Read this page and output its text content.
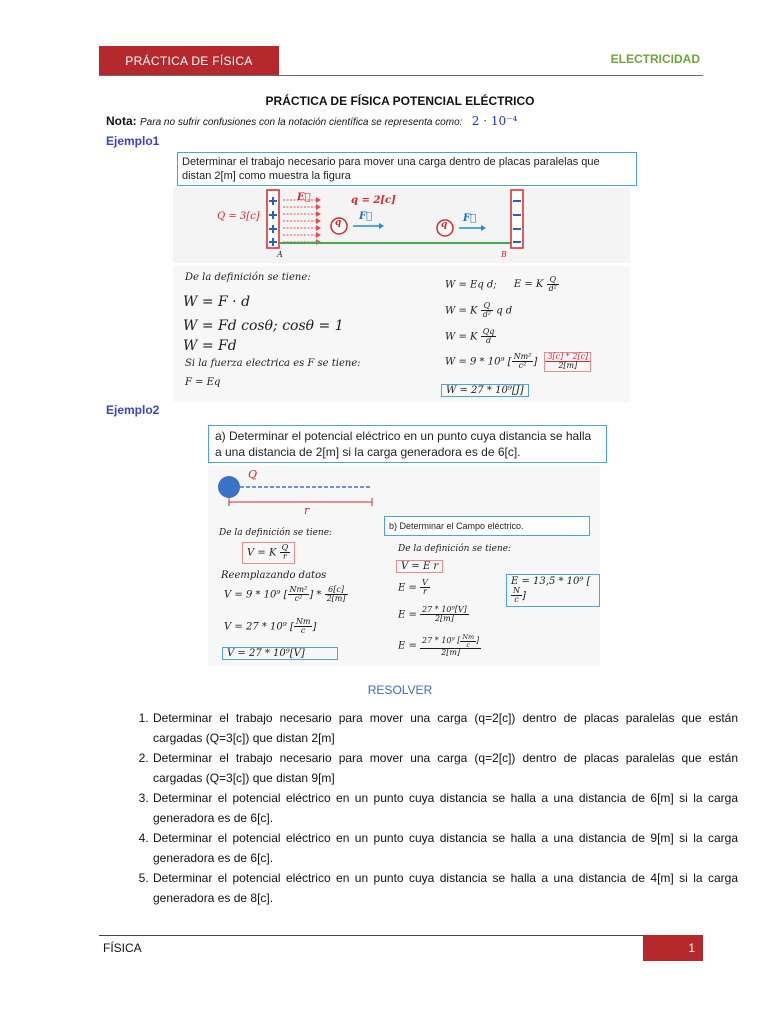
PRÁCTICA DE FÍSICA	ELECTRICIDAD
PRÁCTICA DE FÍSICA POTENCIAL ELÉCTRICO
Nota: Para no sufrir confusiones con la notación científica se representa como: 2 · 10⁻⁴
Ejemplo1
Determinar el trabajo necesario para mover una carga dentro de placas paralelas que distan 2[m] como muestra la figura
Q = 3[c]
E⃗	q = 2[c]
q	q
F⃗	F⃗
A	B
De la definición se tiene:
W = F · d
W = Fd cosθ; cosθ = 1
W = Fd
Si la fuerza electrica es F se tiene:
F = Eq
W = Eq d; E = K $\frac{Q}{\text{d²}}$
W = K $\frac{Q}{\text{d²}}$ q d
W = K $\frac{Qq}{d}$
W = 9 * 10⁹ [ $\frac{\text{Nm²}}{\text{c²}}$ ] $\frac{3[c] * 2[c]}{2[m]}$
W = 27 * 10⁹[J]
Ejemplo2
a) Determinar el potencial eléctrico en un punto cuya distancia se halla a una distancia de 2[m] si la carga generadora es de 6[c].
Q
r
b) Determinar el Campo eléctrico.
De la definición se tiene:
V = K $\frac{Q}{r}$
Reemplazando datos
V = 9 * 10⁹ [ $\frac{\text{Nm²}}{\text{c²}}$ ] * $\frac{6[c]}{2[m]}$
V = 27 * 10⁹ [ $\frac{Nm}{c}$ ]
V = 27 * 10⁹[V]
De la definición se tiene:
V = E r
$E = \frac{V}{r}$
$E = \frac{\text{27 * 10⁹[V]}}{2[m]}$
$E = \frac{27 * 10^9 [ \frac{Nm}{c} ]}{2[m]}$
E = 13,5 * 10⁹ [
$\frac{N}{c}$ ]
RESOLVER
1. Determinar el trabajo necesario para mover una carga (q=2[c]) dentro de placas paralelas que están cargadas (Q=3[c]) que distan 2[m]
2. Determinar el trabajo necesario para mover una carga (q=2[c]) dentro de placas paralelas que están cargadas (Q=3[c]) que distan 9[m]
3. Determinar el potencial eléctrico en un punto cuya distancia se halla a una distancia de 6[m] si la carga generadora es de 6[c].
4. Determinar el potencial eléctrico en un punto cuya distancia se halla a una distancia de 9[m] si la carga generadora es de 6[c].
5. Determinar el potencial eléctrico en un punto cuya distancia se halla a una distancia de 4[m] si la carga generadora es de 8[c].
FÍSICA	1
